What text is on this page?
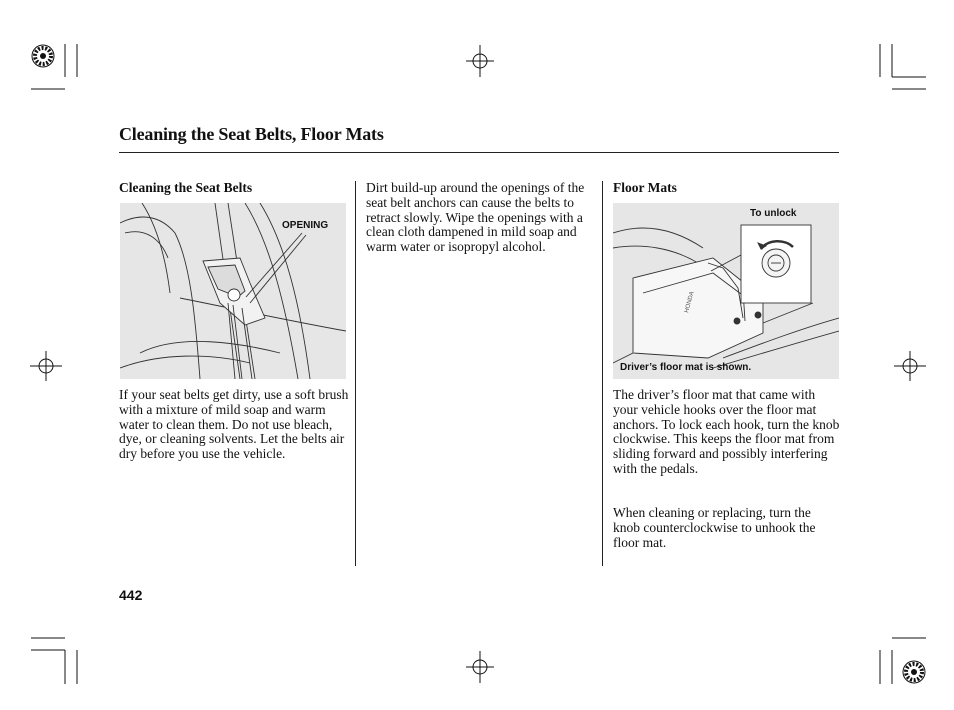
Cleaning the Seat Belts, Floor Mats
Cleaning the Seat Belts
OPENING
If your seat belts get dirty, use a soft brush with a mixture of mild soap and warm water to clean them. Do not use bleach, dye, or cleaning solvents. Let the belts air dry before you use the vehicle.
Dirt build-up around the openings of the seat belt anchors can cause the belts to retract slowly. Wipe the openings with a clean cloth dampened in mild soap and warm water or isopropyl alcohol.
Floor Mats
HONDA
To unlock
Driver’s floor mat is shown.
The driver’s floor mat that came with your vehicle hooks over the floor mat anchors. To lock each hook, turn the knob clockwise. This keeps the floor mat from sliding forward and possibly interfering with the pedals.
When cleaning or replacing, turn the knob counterclockwise to unhook the floor mat.
442
